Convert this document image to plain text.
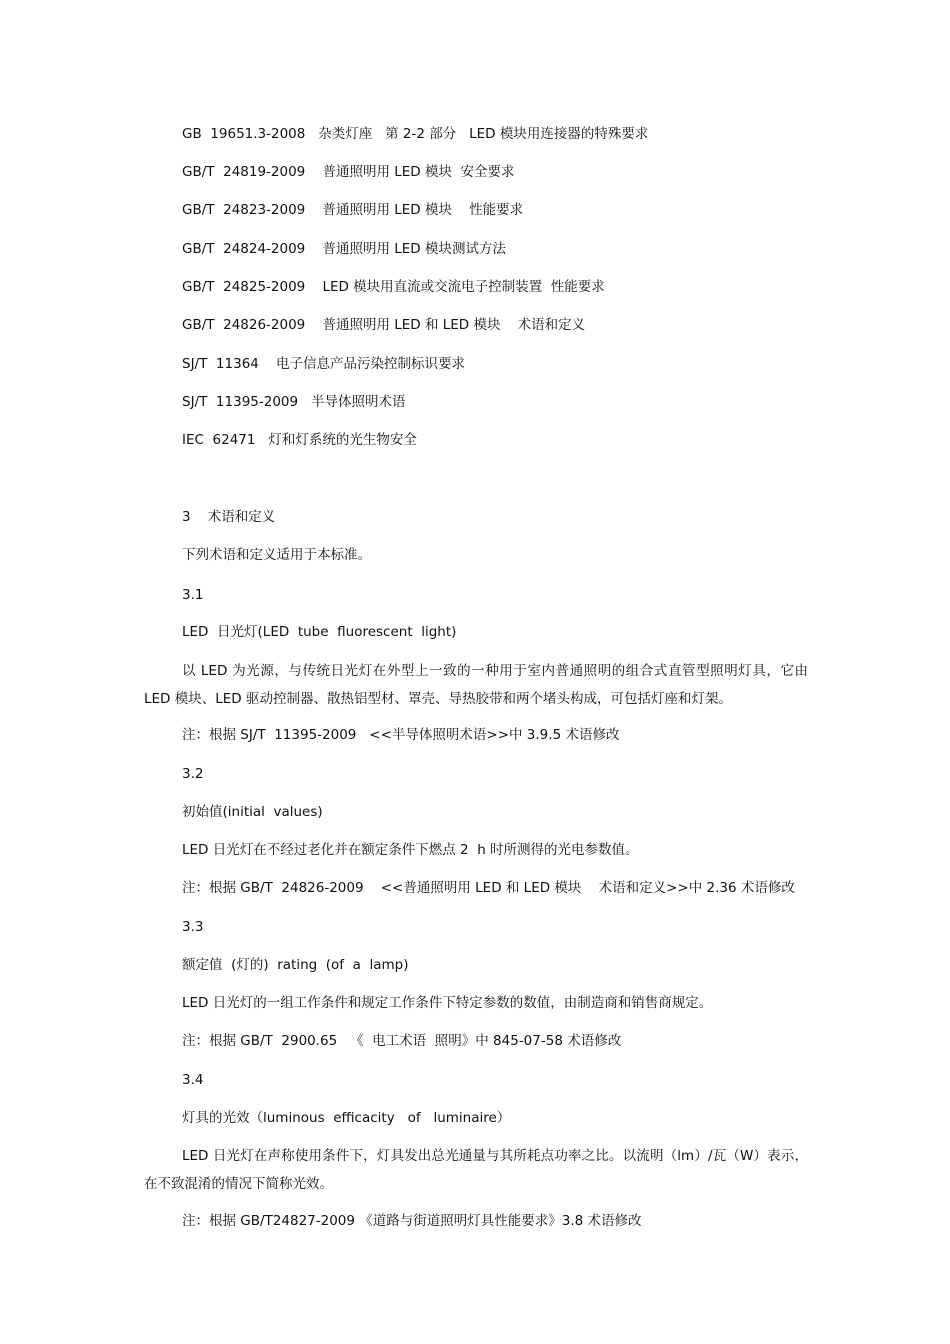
GB  19651.3-2008   杂类灯座   第 2-2 部分   LED 模块用连接器的特殊要求
GB/T  24819-2009    普通照明用 LED 模块  安全要求
GB/T  24823-2009    普通照明用 LED 模块    性能要求
GB/T  24824-2009    普通照明用 LED 模块测试方法
GB/T  24825-2009    LED 模块用直流或交流电子控制装置  性能要求
GB/T  24826-2009    普通照明用 LED 和 LED 模块    术语和定义
SJ/T  11364    电子信息产品污染控制标识要求
SJ/T  11395-2009   半导体照明术语
IEC  62471   灯和灯系统的光生物安全
3    术语和定义
下列术语和定义适用于本标准。
3.1
LED  日光灯(LED  tube  fluorescent  light)
以 LED 为光源，与传统日光灯在外型上一致的一种用于室内普通照明的组合式直管型照明灯具，它由 LED 模块、LED 驱动控制器、散热铝型材、罩壳、导热胶带和两个堵头构成，可包括灯座和灯架。
注：根据 SJ/T  11395-2009   <<半导体照明术语>>中 3.9.5 术语修改
3.2
初始值(initial  values)
LED 日光灯在不经过老化并在额定条件下燃点 2  h 时所测得的光电参数值。
注：根据 GB/T  24826-2009    <<普通照明用 LED 和 LED 模块    术语和定义>>中 2.36 术语修改
3.3
额定值  (灯的)  rating  (of  a  lamp)
LED 日光灯的一组工作条件和规定工作条件下特定参数的数值，由制造商和销售商规定。
注：根据 GB/T  2900.65   《  电工术语  照明》中 845-07-58 术语修改
3.4
灯具的光效（luminous  efficacity   of   luminaire）
LED 日光灯在声称使用条件下，灯具发出总光通量与其所耗点功率之比。以流明（lm）/瓦（W）表示，在不致混淆的情况下简称光效。
注：根据 GB/T24827-2009 《道路与街道照明灯具性能要求》3.8 术语修改
